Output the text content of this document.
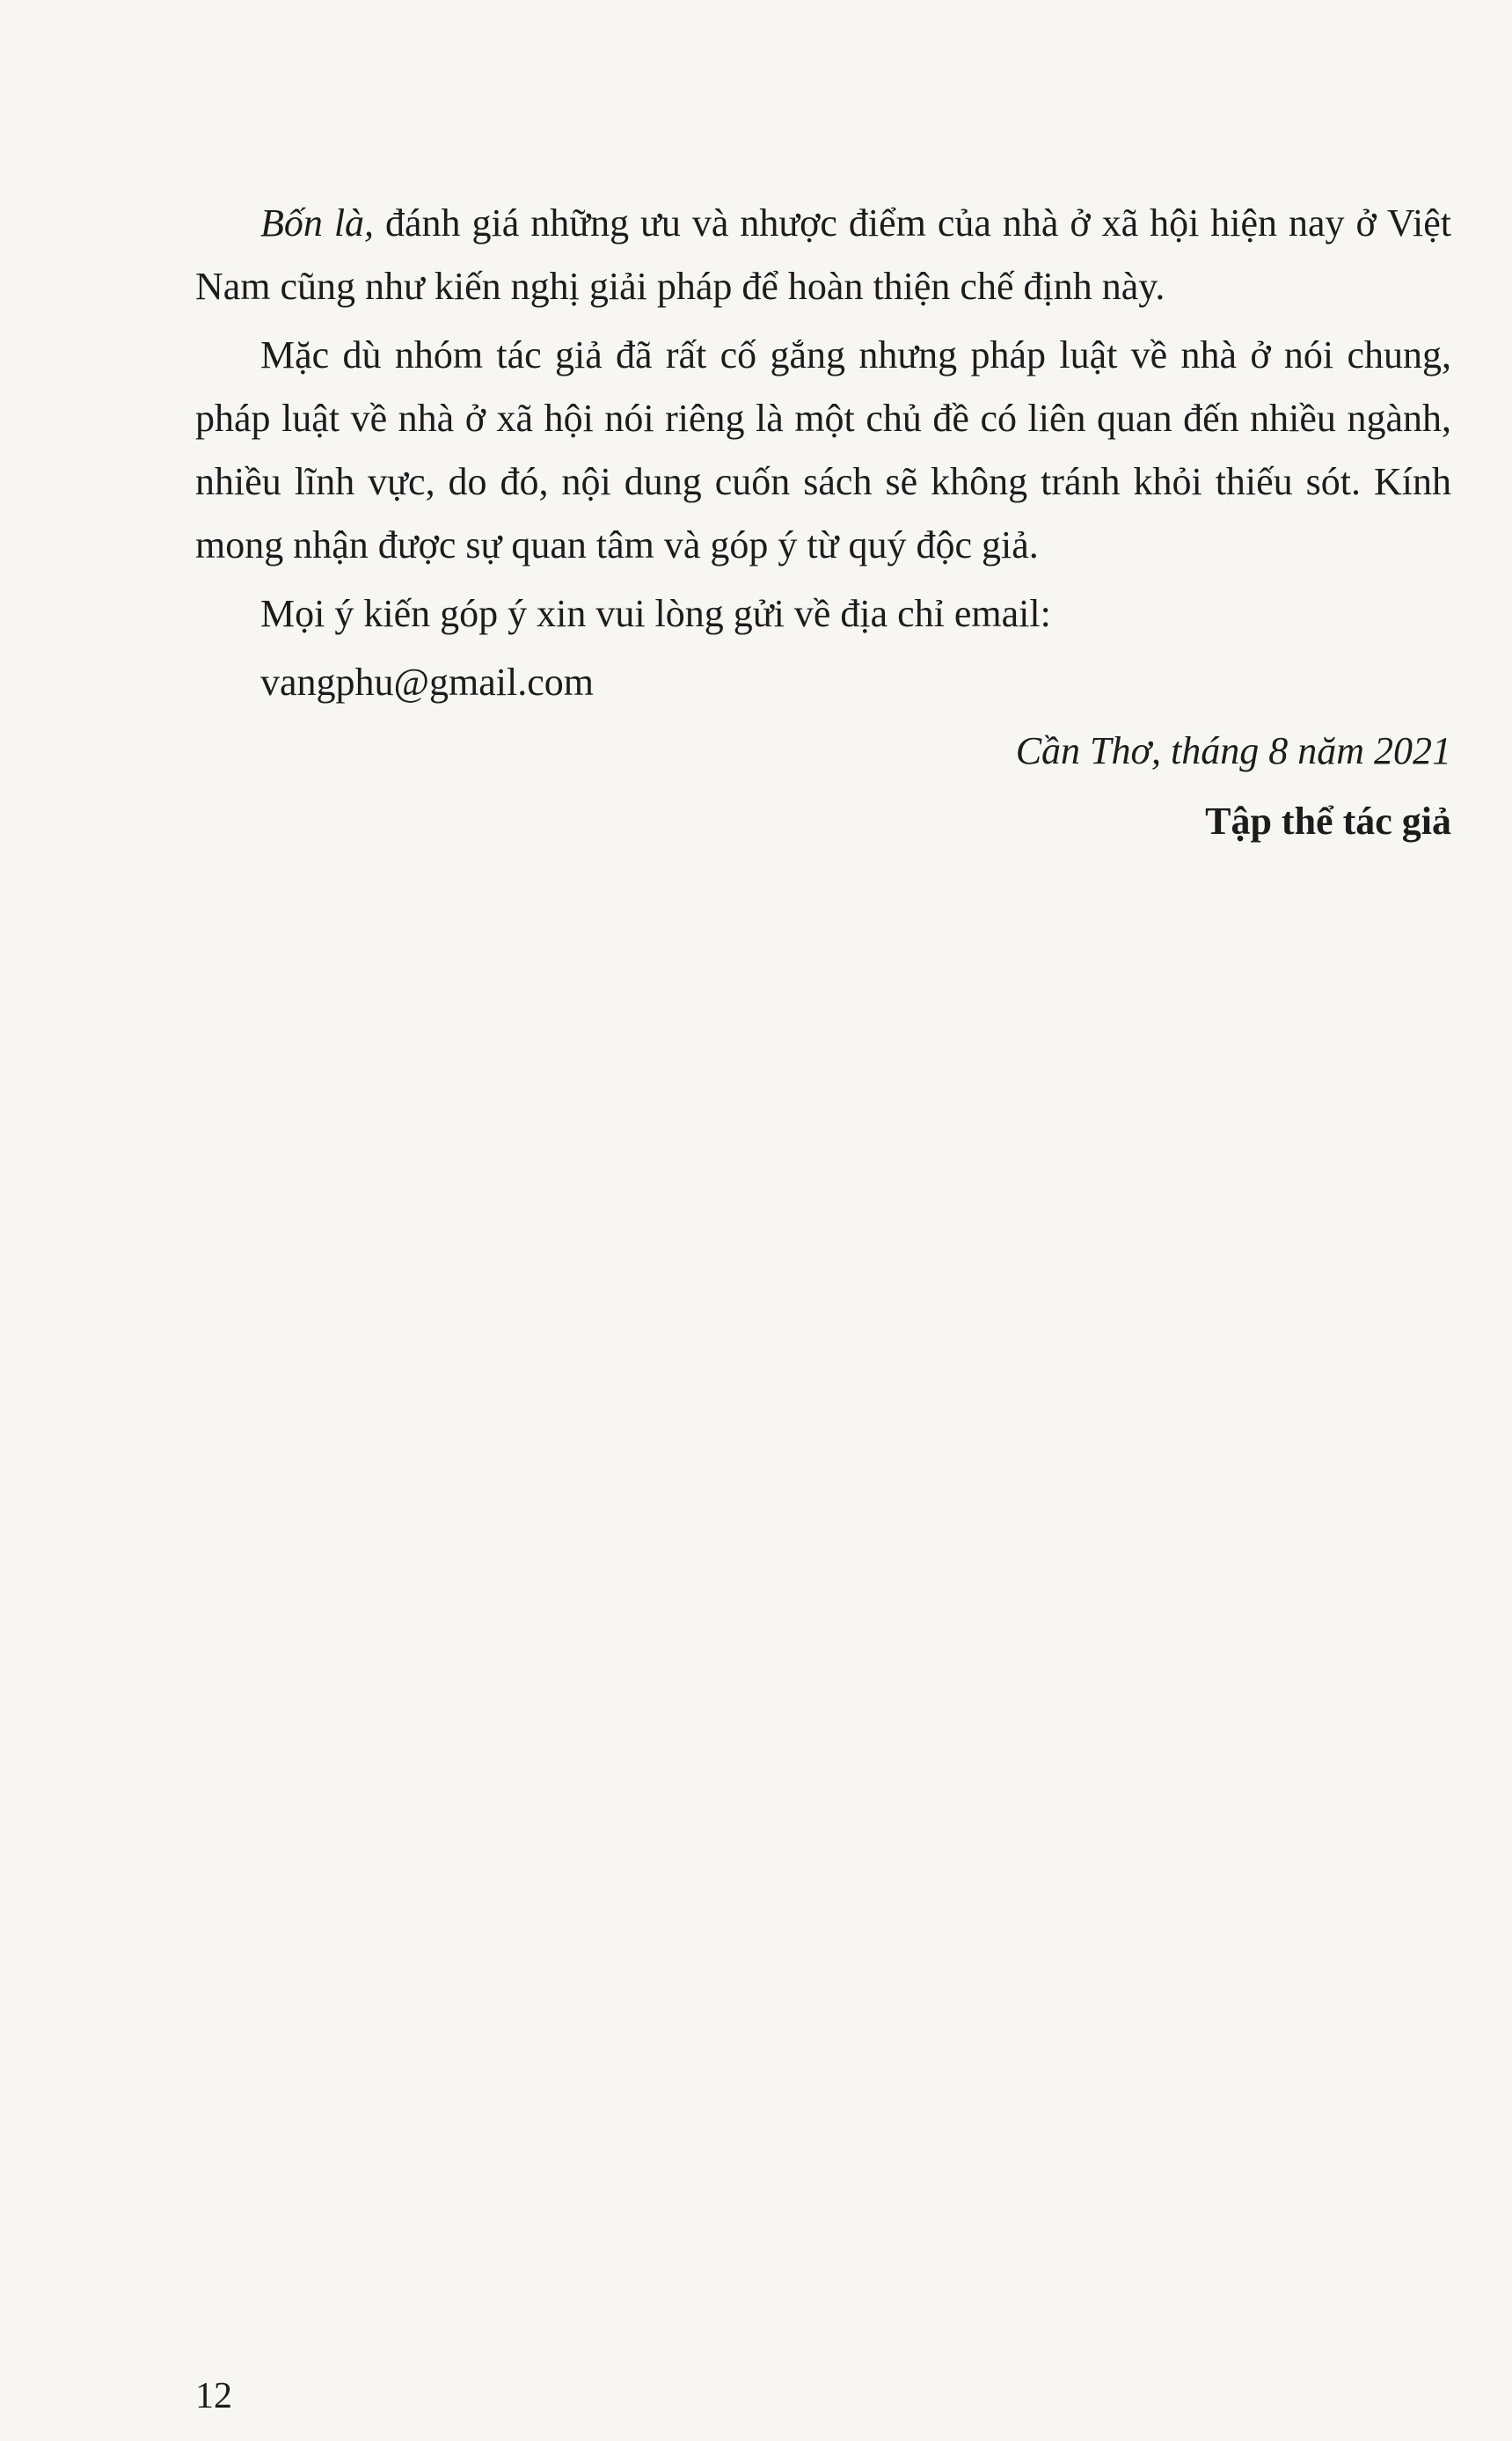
Bốn là, đánh giá những ưu và nhược điểm của nhà ở xã hội hiện nay ở Việt Nam cũng như kiến nghị giải pháp để hoàn thiện chế định này.

Mặc dù nhóm tác giả đã rất cố gắng nhưng pháp luật về nhà ở nói chung, pháp luật về nhà ở xã hội nói riêng là một chủ đề có liên quan đến nhiều ngành, nhiều lĩnh vực, do đó, nội dung cuốn sách sẽ không tránh khỏi thiếu sót. Kính mong nhận được sự quan tâm và góp ý từ quý độc giả.

Mọi ý kiến góp ý xin vui lòng gửi về địa chỉ email:

vangphu@gmail.com

Cần Thơ, tháng 8 năm 2021

Tập thể tác giả

12
